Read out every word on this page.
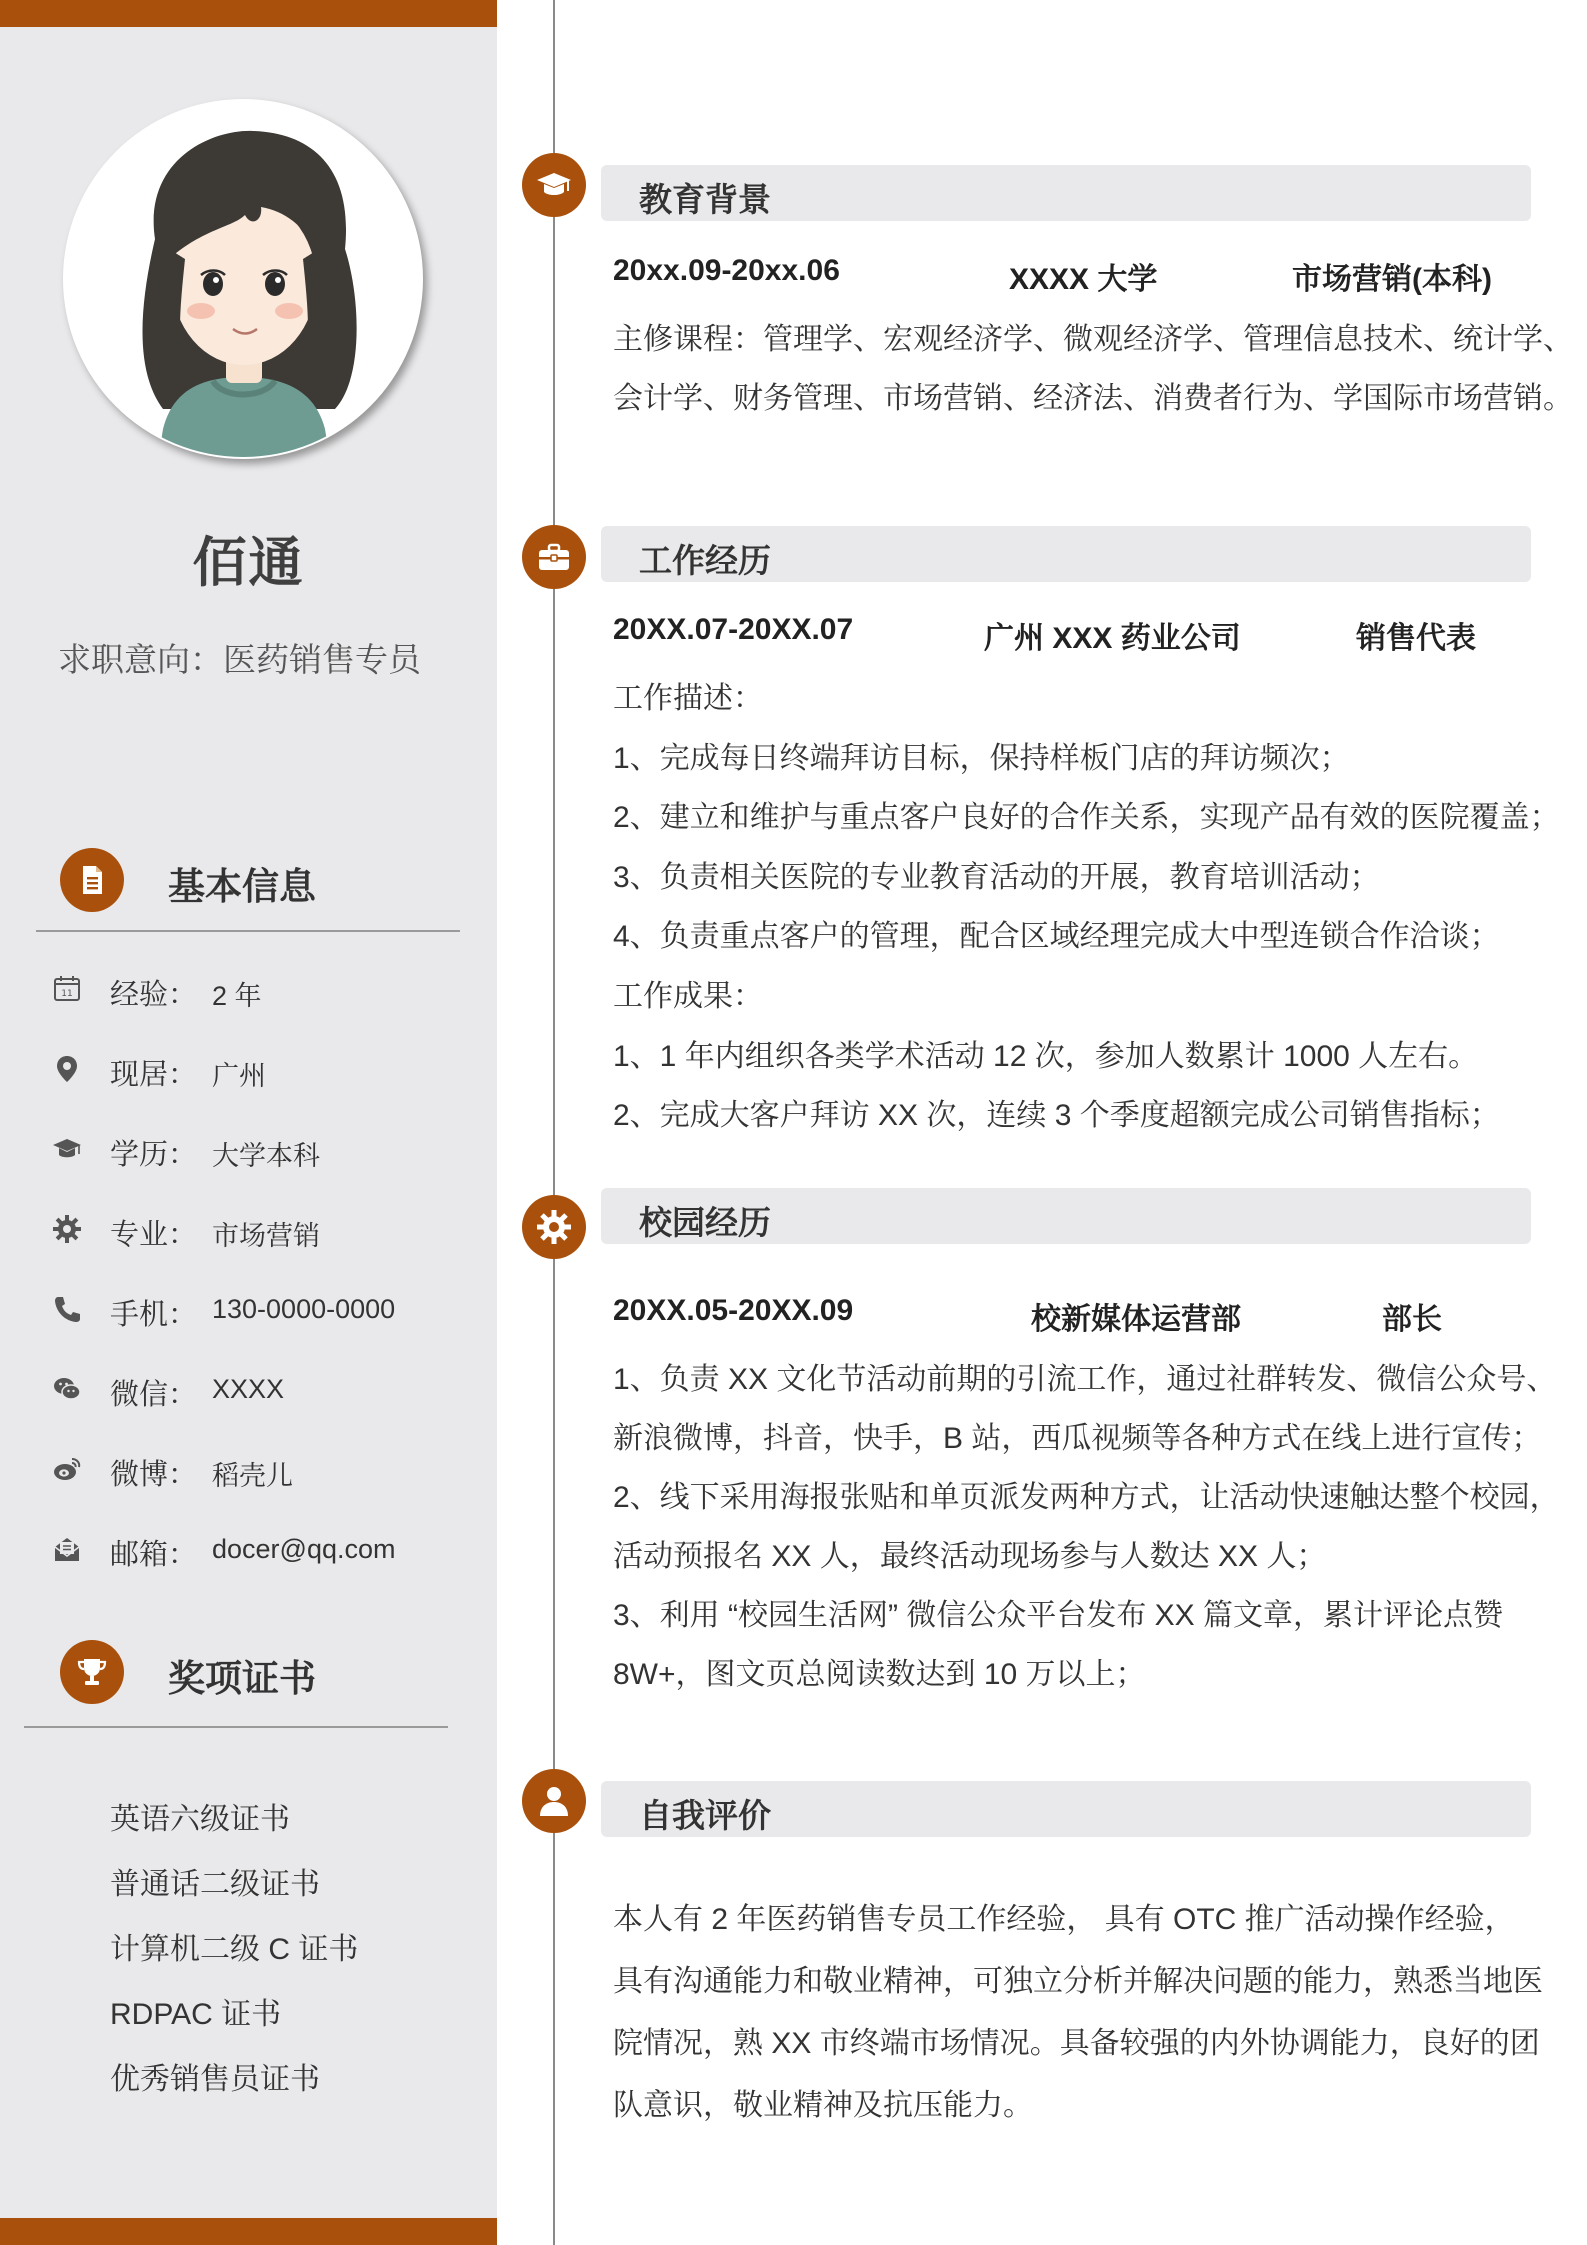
佰通
求职意向：医药销售专员
基本信息
11 经验： 2 年
现居： 广州
学历： 大学本科
专业： 市场营销
手机： 130-0000-0000
微信： XXXX
微博： 稻壳儿
邮箱： docer@qq.com
奖项证书
英语六级证书
普通话二级证书
计算机二级 C 证书
RDPAC 证书
优秀销售员证书
教育背景
20xx.09-20xx.06	XXXX 大学	市场营销(本科)
主修课程：管理学、宏观经济学、微观经济学、管理信息技术、统计学、
会计学、财务管理、市场营销、经济法、消费者行为、学国际市场营销。
工作经历
20XX.07-20XX.07	广州 XXX 药业公司	销售代表
工作描述：
1、完成每日终端拜访目标，保持样板门店的拜访频次；
2、建立和维护与重点客户良好的合作关系，实现产品有效的医院覆盖；
3、负责相关医院的专业教育活动的开展，教育培训活动；
4、负责重点客户的管理，配合区域经理完成大中型连锁合作洽谈；
工作成果：
1、1 年内组织各类学术活动 12 次，参加人数累计 1000 人左右。
2、完成大客户拜访 XX 次，连续 3 个季度超额完成公司销售指标；
校园经历
20XX.05-20XX.09	校新媒体运营部	部长
1、负责 XX 文化节活动前期的引流工作，通过社群转发、微信公众号、
新浪微博，抖音，快手，B 站，西瓜视频等各种方式在线上进行宣传；
2、线下采用海报张贴和单页派发两种方式，让活动快速触达整个校园，
活动预报名 XX 人，最终活动现场参与人数达 XX 人；
3、利用 “校园生活网” 微信公众平台发布 XX 篇文章，累计评论点赞
8W+，图文页总阅读数达到 10 万以上；
自我评价
本人有 2 年医药销售专员工作经验， 具有 OTC 推广活动操作经验，
具有沟通能力和敬业精神，可独立分析并解决问题的能力，熟悉当地医
院情况，熟 XX 市终端市场情况。具备较强的内外协调能力，良好的团
队意识，敬业精神及抗压能力。
